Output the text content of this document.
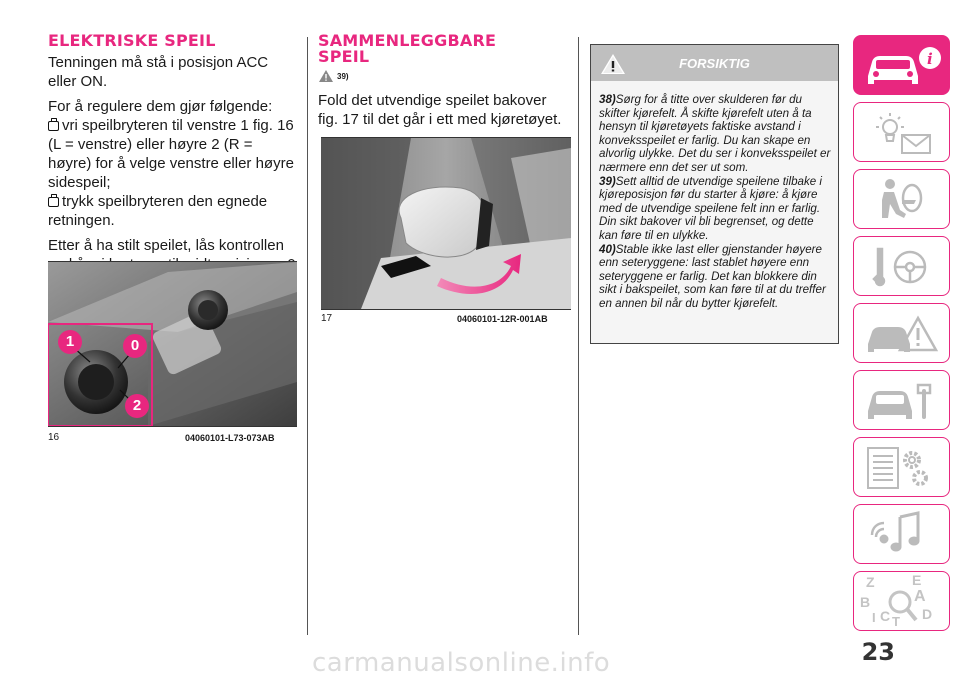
ELEKTRISKE SPEIL

Tenningen må stå i posisjon ACC eller ON.

For å regulere dem gjør følgende:

vri speilbryteren til venstre 1 fig. 16 (L = venstre) eller høyre 2 (R = høyre) for å velge venstre eller høyre sidespeil;
trykk speilbryteren den egnede retningen.

Etter å ha stilt speilet, lås kontrollen

1	0
2
16	04060101-L73-073AB
SAMMENLEGGBARE
SPEIL
39)

Fold det utvendige speilet bakover fig. 17 til det går i ett med kjøretøyet.

17	04060101-12R-001AB
FORSIKTIG
38)Sørg for å titte over skulderen før du skifter kjørefelt. Å skifte kjørefelt uten å ta hensyn til kjøretøyets faktiske avstand i konveksspeilet er farlig. Du kan skape en alvorlig ulykke. Det du ser i konveksspeilet er nærmere enn det ser ut som.
39)Sett alltid de utvendige speilene tilbake i kjøreposisjon før du starter å kjøre: å kjøre med de utvendige speilene felt inn er farlig. Din sikt bakover vil bli begrenset, og dette kan føre til en ulykke.
40)Stable ikke last eller gjenstander høyere enn seteryggene: last stablet høyere enn seteryggene er farlig. Det kan blokkere din sikt i bakspeilet, som kan føre til at du treffer en annen bil når du bytter kjørefelt.
i
Z	E
A
B
C T D
I
23
carmanualsonline.info
